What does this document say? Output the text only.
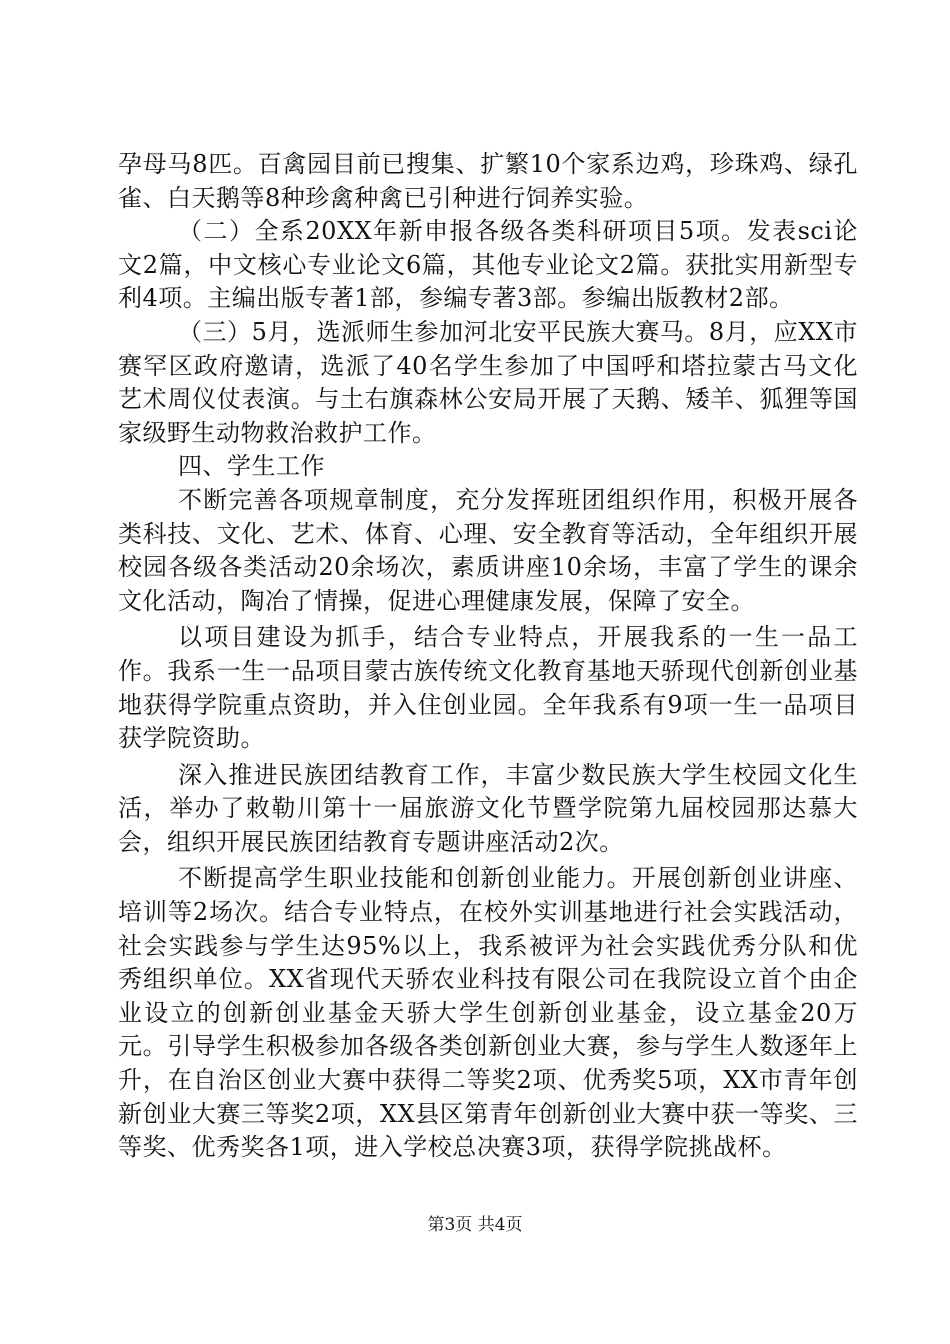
孕母马8匹。百禽园目前已搜集、扩繁10个家系边鸡，珍珠鸡、绿孔雀、白天鹅等8种珍禽种禽已引种进行饲养实验。

（二）全系20XX年新申报各级各类科研项目5项。发表sci论文2篇，中文核心专业论文6篇，其他专业论文2篇。获批实用新型专利4项。主编出版专著1部，参编专著3部。参编出版教材2部。

（三）5月，选派师生参加河北安平民族大赛马。8月，应XX市赛罕区政府邀请，选派了40名学生参加了中国呼和塔拉蒙古马文化艺术周仪仗表演。与土右旗森林公安局开展了天鹅、矮羊、狐狸等国家级野生动物救治救护工作。

四、学生工作

不断完善各项规章制度，充分发挥班团组织作用，积极开展各类科技、文化、艺术、体育、心理、安全教育等活动，全年组织开展校园各级各类活动20余场次，素质讲座10余场，丰富了学生的课余文化活动，陶冶了情操，促进心理健康发展，保障了安全。

以项目建设为抓手，结合专业特点，开展我系的一生一品工作。我系一生一品项目蒙古族传统文化教育基地天骄现代创新创业基地获得学院重点资助，并入住创业园。全年我系有9项一生一品项目获学院资助。

深入推进民族团结教育工作，丰富少数民族大学生校园文化生活，举办了敕勒川第十一届旅游文化节暨学院第九届校园那达慕大会，组织开展民族团结教育专题讲座活动2次。

不断提高学生职业技能和创新创业能力。开展创新创业讲座、培训等2场次。结合专业特点，在校外实训基地进行社会实践活动，社会实践参与学生达95%以上，我系被评为社会实践优秀分队和优秀组织单位。XX省现代天骄农业科技有限公司在我院设立首个由企业设立的创新创业基金天骄大学生创新创业基金，设立基金20万元。引导学生积极参加各级各类创新创业大赛，参与学生人数逐年上升，在自治区创业大赛中获得二等奖2项、优秀奖5项，XX市青年创新创业大赛三等奖2项，XX县区第青年创新创业大赛中获一等奖、三等奖、优秀奖各1项，进入学校总决赛3项，获得学院挑战杯。

第3页 共4页
